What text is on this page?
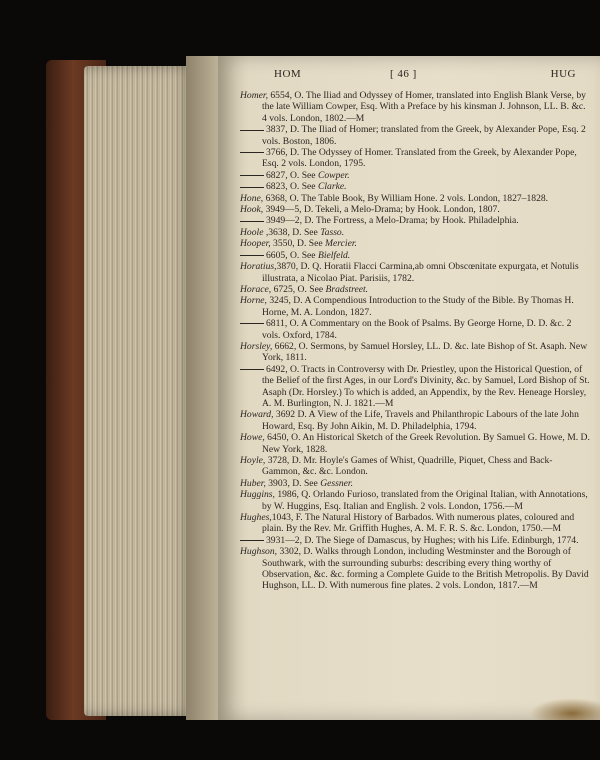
HOM	[ 46 ]	HUG

Homer, 6554, O. The Iliad and Odyssey of Homer, translated into English Blank Verse, by the late William Cowper, Esq. With a Preface by his kinsman J. Johnson, LL. B. &c. 4 vols. London, 1802.—M

3837, D. The Iliad of Homer; translated from the Greek, by Alexander Pope, Esq. 2 vols. Boston, 1806.

3766, D. The Odyssey of Homer. Translated from the Greek, by Alexander Pope, Esq. 2 vols. London, 1795.

6827, O. See Cowper.

6823, O. See Clarke.

Hone, 6368, O. The Table Book, By William Hone. 2 vols. London, 1827–1828.

Hook, 3949—5, D. Tekeli, a Melo-Drama; by Hook. London, 1807.

3949—2, D. The Fortress, a Melo-Drama; by Hook. Philadelphia.

Hoole ,3638, D. See Tasso.

Hooper, 3550, D. See Mercier.

6605, O. See Bielfeld.

Horatius,3870, D. Q. Horatii Flacci Carmina,ab omni Obscœnitate expurgata, et Notulis illustrata, a Nicolao Piat. Parisiis, 1782.

Horace, 6725, O. See Bradstreet.

Horne, 3245, D. A Compendious Introduction to the Study of the Bible. By Thomas H. Horne, M. A. London, 1827.

6811, O. A Commentary on the Book of Psalms. By George Horne, D. D. &c. 2 vols. Oxford, 1784.

Horsley, 6662, O. Sermons, by Samuel Horsley, LL. D. &c. late Bishop of St. Asaph. New York, 1811.

6492, O. Tracts in Controversy with Dr. Priestley, upon the Historical Question, of the Belief of the first Ages, in our Lord's Divinity, &c. by Samuel, Lord Bishop of St. Asaph (Dr. Horsley.) To which is added, an Appendix, by the Rev. Heneage Horsley, A. M. Burlington, N. J. 1821.—M

Howard, 3692 D. A View of the Life, Travels and Philanthropic Labours of the late John Howard, Esq. By John Aikin, M. D. Philadelphia, 1794.

Howe, 6450, O. An Historical Sketch of the Greek Revolution. By Samuel G. Howe, M. D. New York, 1828.

Hoyle, 3728, D. Mr. Hoyle's Games of Whist, Quadrille, Piquet, Chess and Back-Gammon, &c. &c. London.

Huber, 3903, D. See Gessner.

Huggins, 1986, Q. Orlando Furioso, translated from the Original Italian, with Annotations, by W. Huggins, Esq. Italian and English. 2 vols. London, 1756.—M

Hughes,1043, F. The Natural History of Barbados. With numerous plates, coloured and plain. By the Rev. Mr. Griffith Hughes, A. M. F. R. S. &c. London, 1750.—M

3931—2, D. The Siege of Damascus, by Hughes; with his Life. Edinburgh, 1774.

Hughson, 3302, D. Walks through London, including Westminster and the Borough of Southwark, with the surrounding suburbs: describing every thing worthy of Observation, &c. &c. forming a Complete Guide to the British Metropolis. By David Hughson, LL. D. With numerous fine plates. 2 vols. London, 1817.—M
